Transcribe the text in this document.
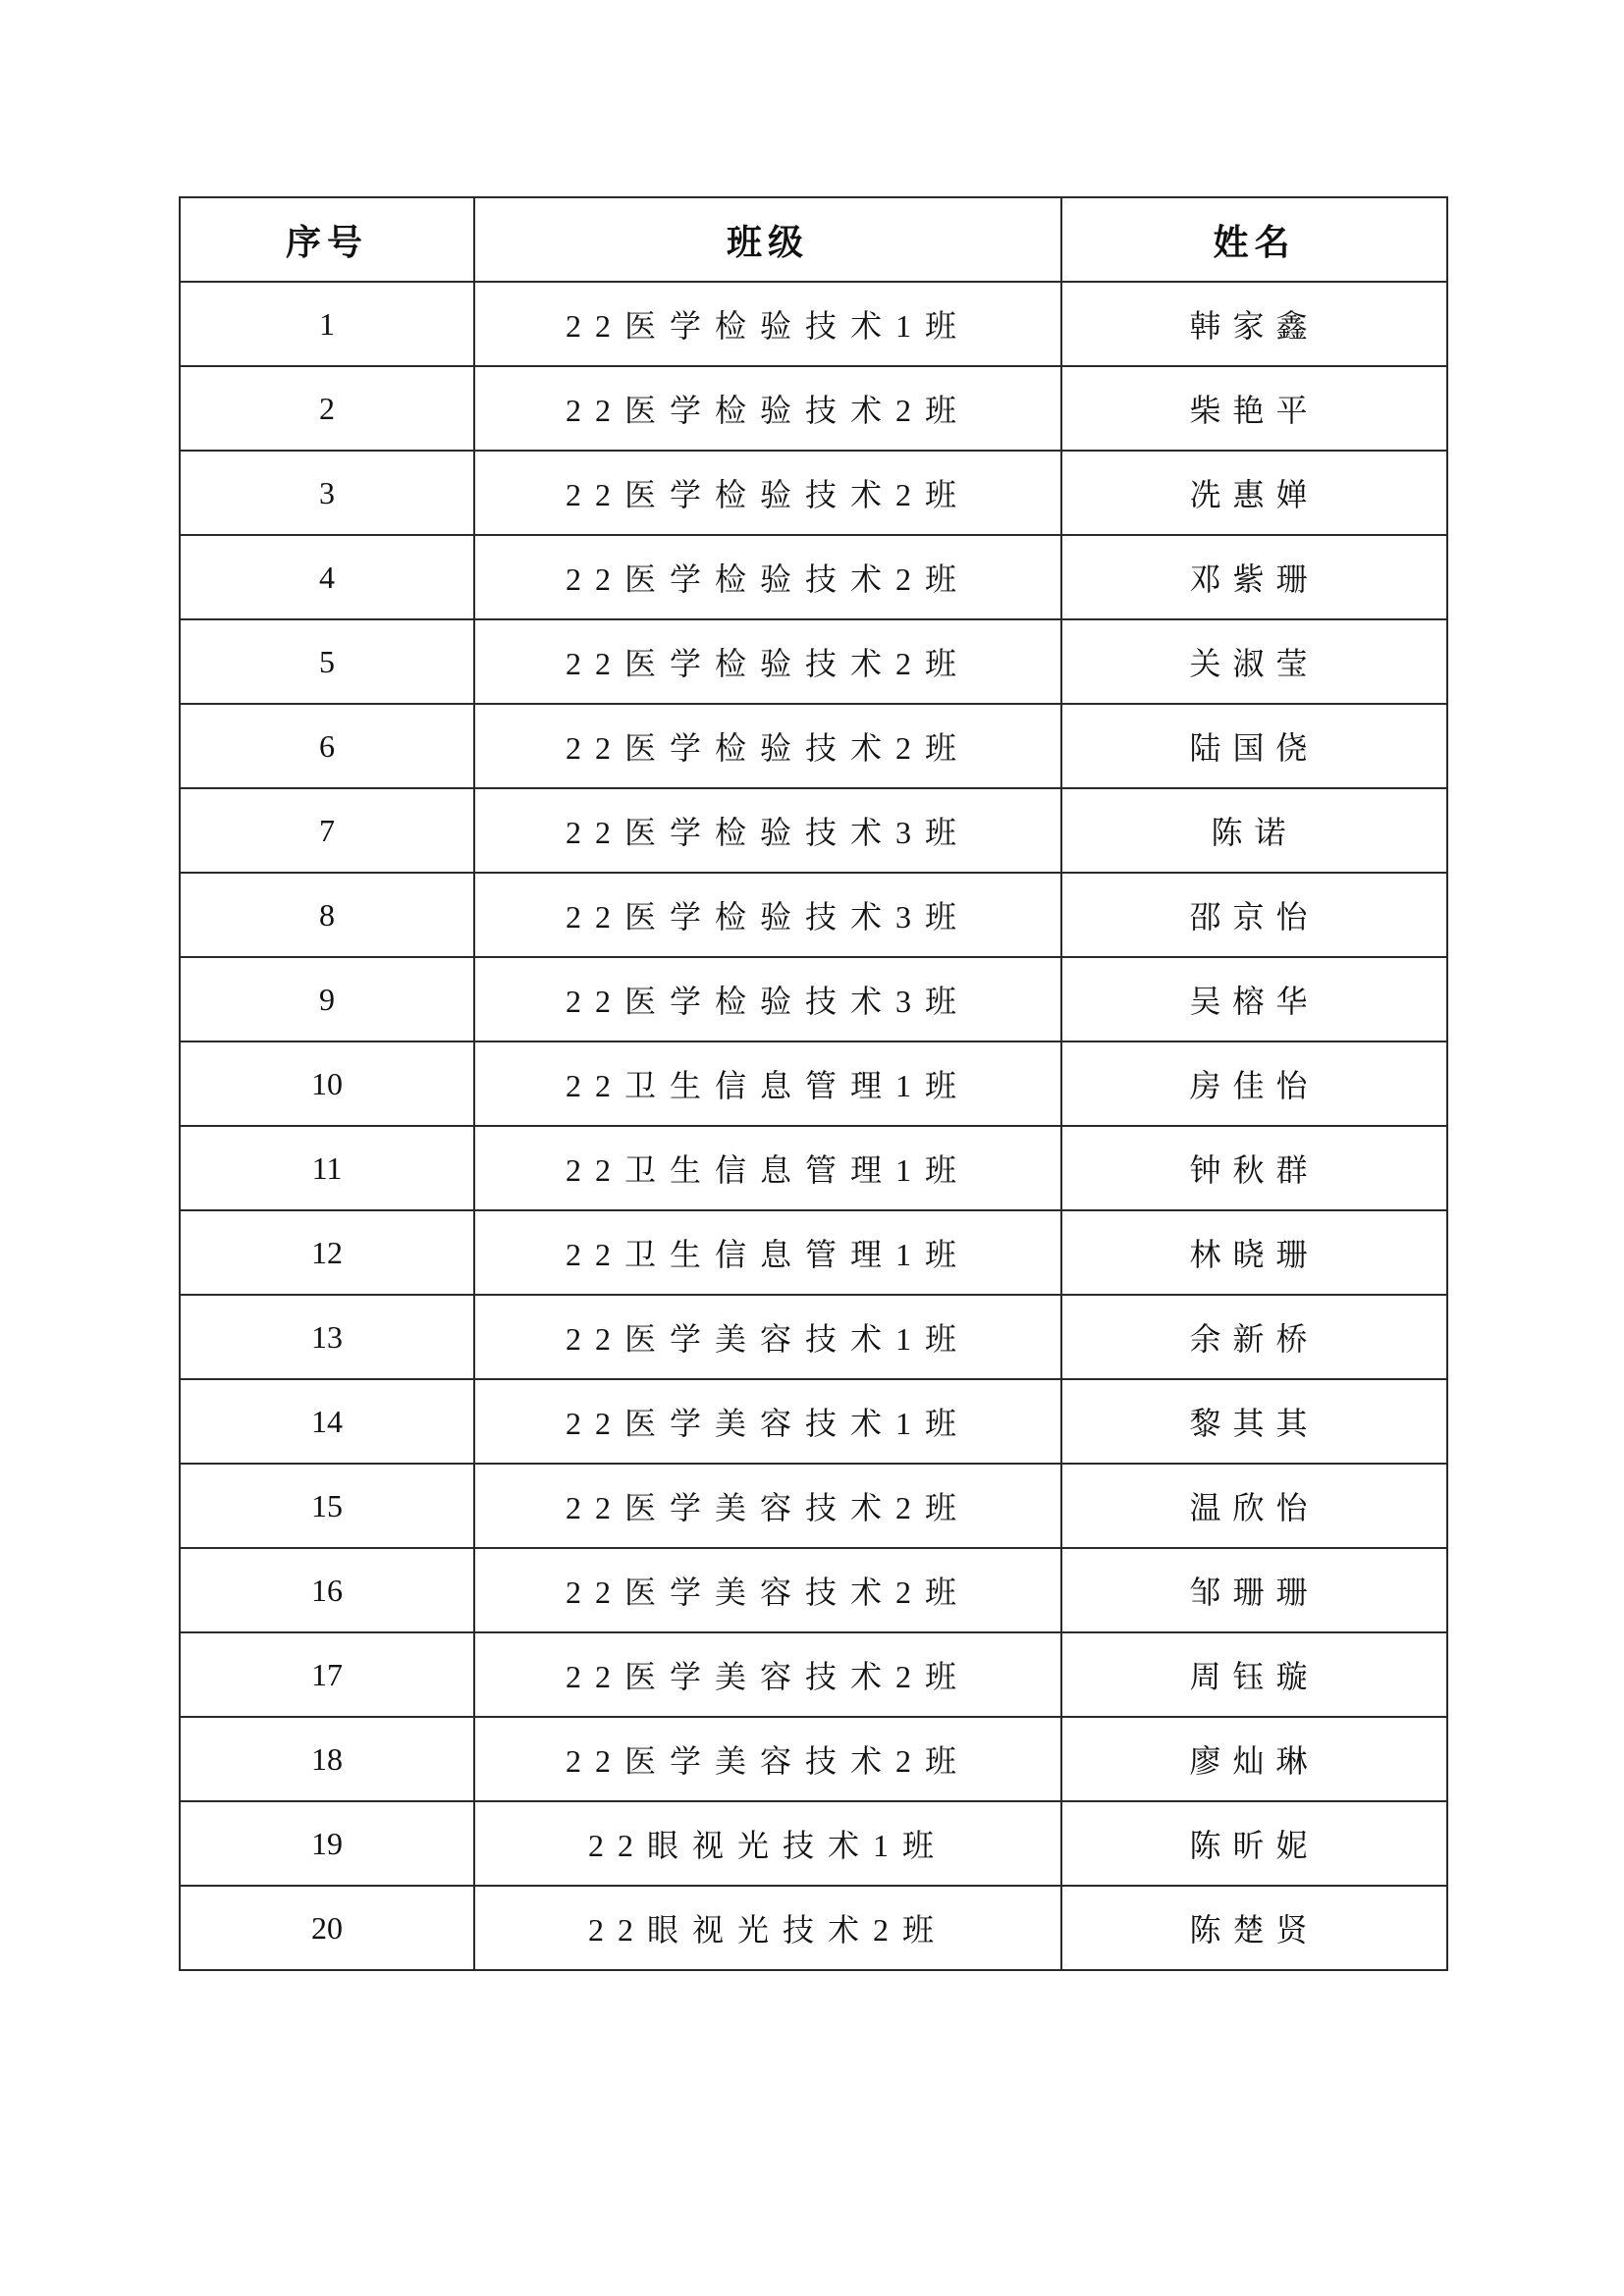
序号	班级	姓名
1	22医学检验技术1班	韩家鑫
2	22医学检验技术2班	柴艳平
3	22医学检验技术2班	冼惠婵
4	22医学检验技术2班	邓紫珊
5	22医学检验技术2班	关淑莹
6	22医学检验技术2班	陆国侥
7	22医学检验技术3班	陈诺
8	22医学检验技术3班	邵京怡
9	22医学检验技术3班	吴榕华
10	22卫生信息管理1班	房佳怡
11	22卫生信息管理1班	钟秋群
12	22卫生信息管理1班	林晓珊
13	22医学美容技术1班	余新桥
14	22医学美容技术1班	黎其其
15	22医学美容技术2班	温欣怡
16	22医学美容技术2班	邹珊珊
17	22医学美容技术2班	周钰璇
18	22医学美容技术2班	廖灿琳
19	22眼视光技术1班	陈昕妮
20	22眼视光技术2班	陈楚贤
